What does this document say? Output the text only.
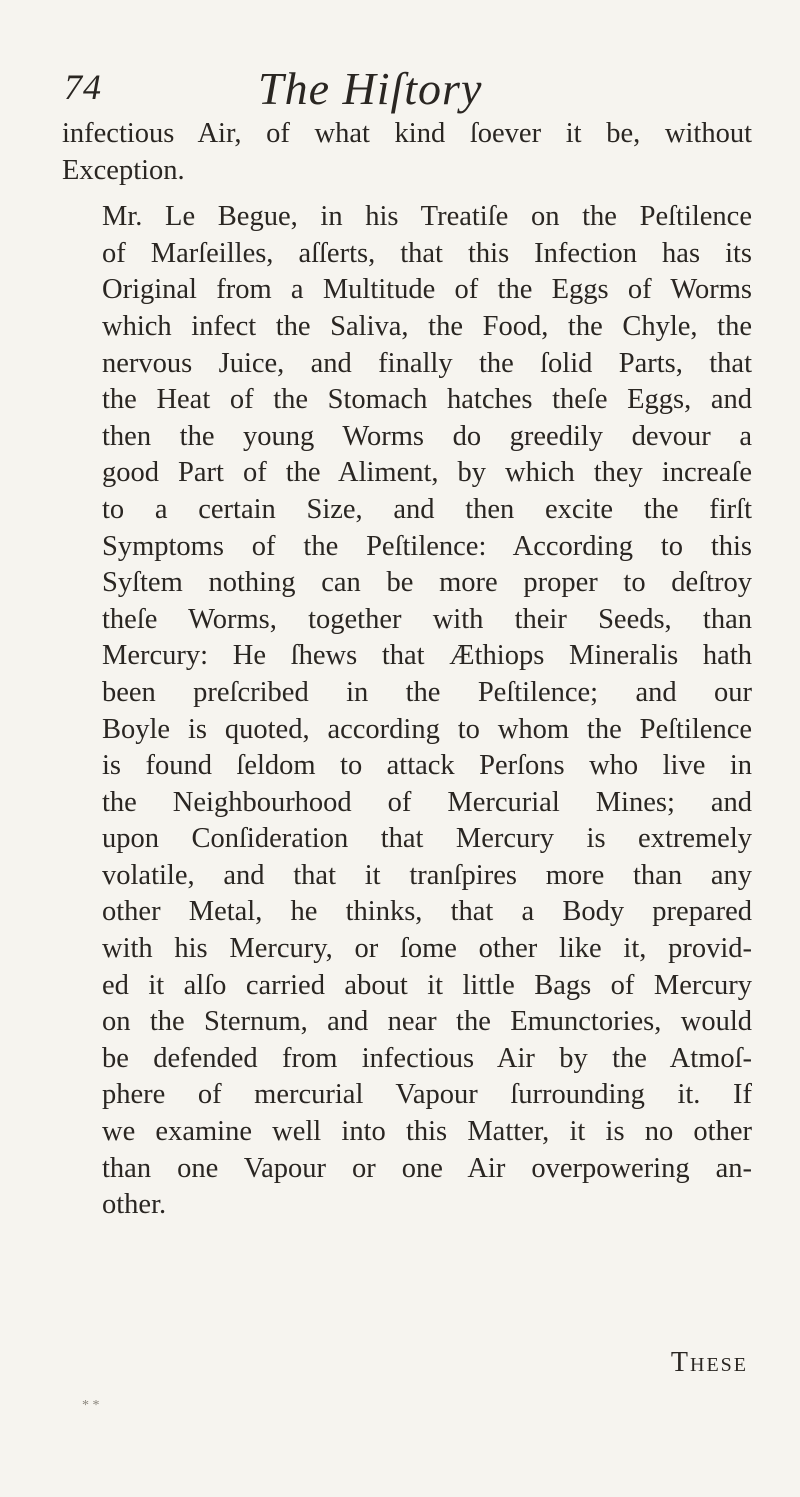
74	The Hiſtory

infectious Air, of what kind ſoever it be, without
Exception.

Mr. Le Begue, in his Treatiſe on the Peſtilence
of Marſeilles, aſſerts, that this Infection has its
Original from a Multitude of the Eggs of Worms
which infect the Saliva, the Food, the Chyle, the
nervous Juice, and finally the ſolid Parts, that
the Heat of the Stomach hatches theſe Eggs, and
then the young Worms do greedily devour a
good Part of the Aliment, by which they increaſe
to a certain Size, and then excite the firſt
Symptoms of the Peſtilence: According to this
Syſtem nothing can be more proper to deſtroy
theſe Worms, together with their Seeds, than
Mercury: He ſhews that Æthiops Mineralis hath
been preſcribed in the Peſtilence; and our
Boyle is quoted, according to whom the Peſtilence
is found ſeldom to attack Perſons who live in
the Neighbourhood of Mercurial Mines; and
upon Conſideration that Mercury is extremely
volatile, and that it tranſpires more than any
other Metal, he thinks, that a Body prepared
with his Mercury, or ſome other like it, provid-
ed it alſo carried about it little Bags of Mercury
on the Sternum, and near the Emunctories, would
be defended from infectious Air by the Atmoſ-
phere of mercurial Vapour ſurrounding it. If
we examine well into this Matter, it is no other
than one Vapour or one Air overpowering an-
other.

These
* *
